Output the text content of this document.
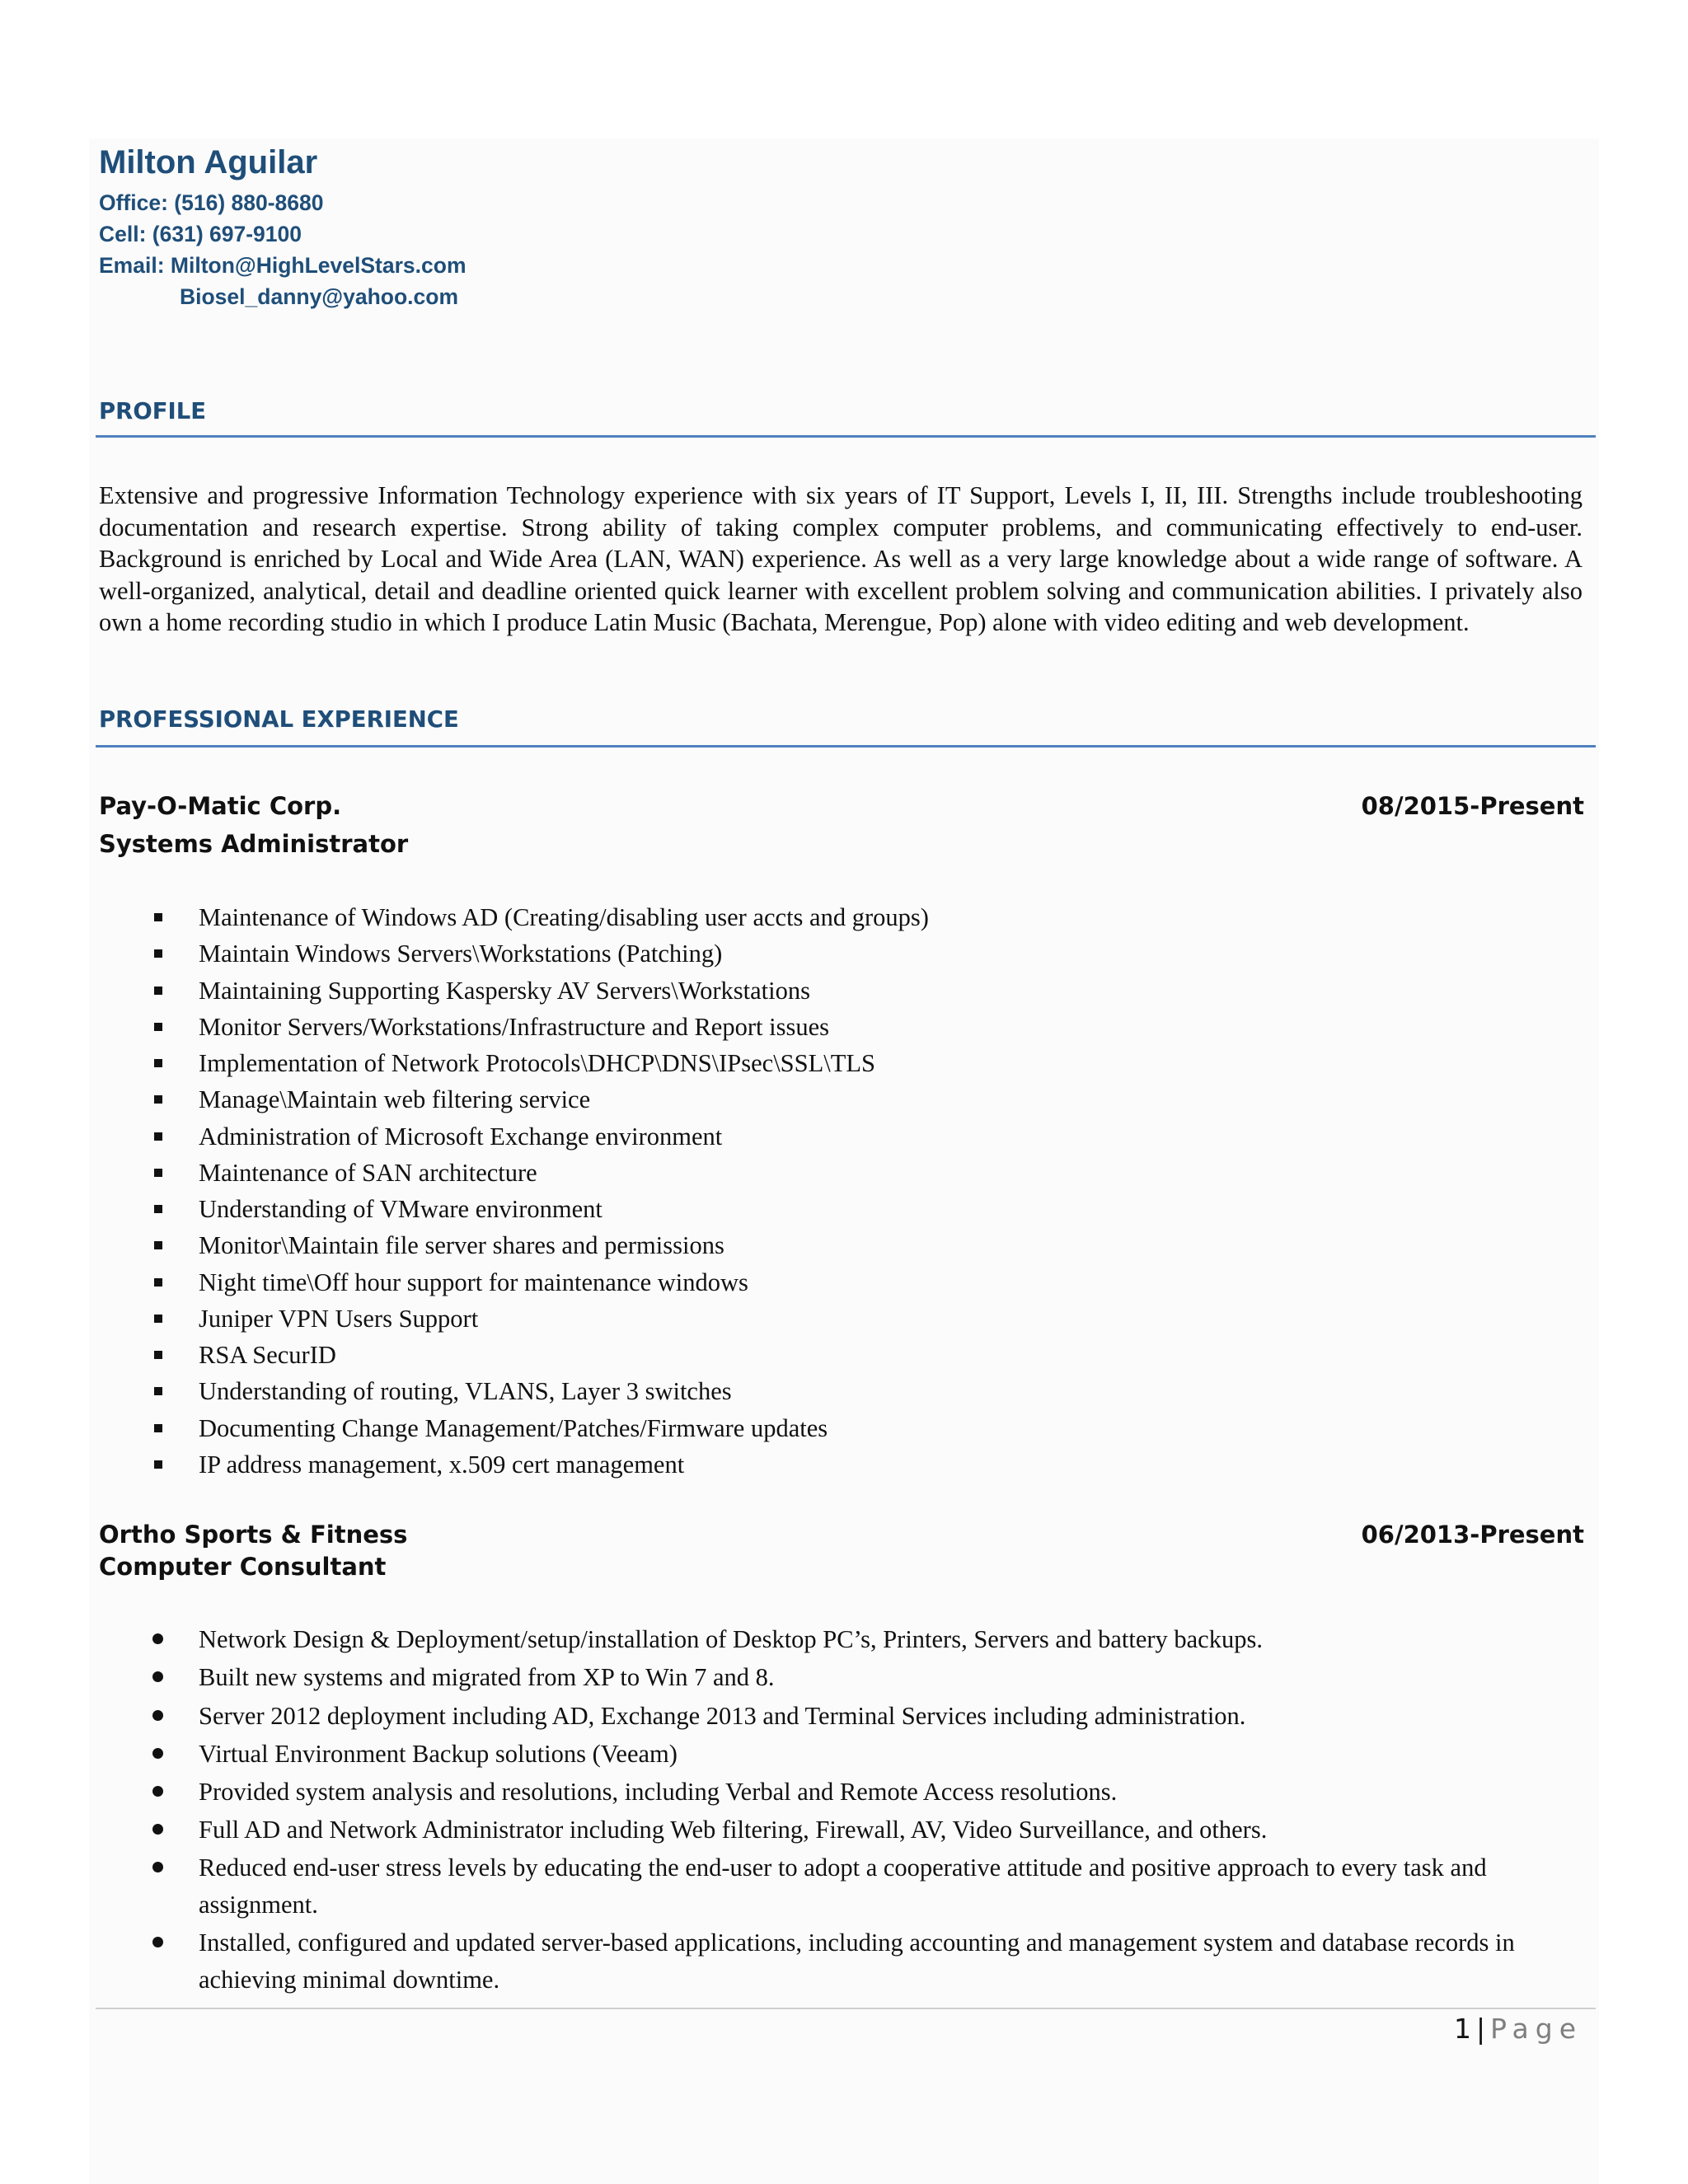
Milton Aguilar
Office: (516) 880-8680
Cell: (631) 697-9100
Email: Milton@HighLevelStars.com
Biosel_danny@yahoo.com
PROFILE
Extensive and progressive Information Technology experience with six years of IT Support, Levels I, II, III. Strengths include troubleshooting documentation and research expertise. Strong ability of taking complex computer problems, and communicating effectively to end-user. Background is enriched by Local and Wide Area (LAN, WAN) experience. As well as a very large knowledge about a wide range of software. A well-organized, analytical, detail and deadline oriented quick learner with excellent problem solving and communication abilities. I privately also own a home recording studio in which I produce Latin Music (Bachata, Merengue, Pop) alone with video editing and web development.
PROFESSIONAL EXPERIENCE
Pay-O-Matic Corp.	08/2015-Present
Systems Administrator
Maintenance of Windows AD (Creating/disabling user accts and groups)
Maintain Windows Servers\Workstations (Patching)
Maintaining Supporting Kaspersky AV Servers\Workstations
Monitor Servers/Workstations/Infrastructure and Report issues
Implementation of Network Protocols\DHCP\DNS\IPsec\SSL\TLS
Manage\Maintain web filtering service
Administration of Microsoft Exchange environment
Maintenance of SAN architecture
Understanding of VMware environment
Monitor\Maintain file server shares and permissions
Night time\Off hour support for maintenance windows
Juniper VPN Users Support
RSA SecurID
Understanding of routing, VLANS, Layer 3 switches
Documenting Change Management/Patches/Firmware updates
IP address management, x.509 cert management
Ortho Sports & Fitness	06/2013-Present
Computer Consultant
Network Design & Deployment/setup/installation of Desktop PC’s, Printers, Servers and battery backups.
Built new systems and migrated from XP to Win 7 and 8.
Server 2012 deployment including AD, Exchange 2013 and Terminal Services including administration.
Virtual Environment Backup solutions (Veeam)
Provided system analysis and resolutions, including Verbal and Remote Access resolutions.
Full AD and Network Administrator including Web filtering, Firewall, AV, Video Surveillance, and others.
Reduced end-user stress levels by educating the end-user to adopt a cooperative attitude and positive approach to every task and assignment.
Installed, configured and updated server-based applications, including accounting and management system and database records in achieving minimal downtime.
1 | Page
